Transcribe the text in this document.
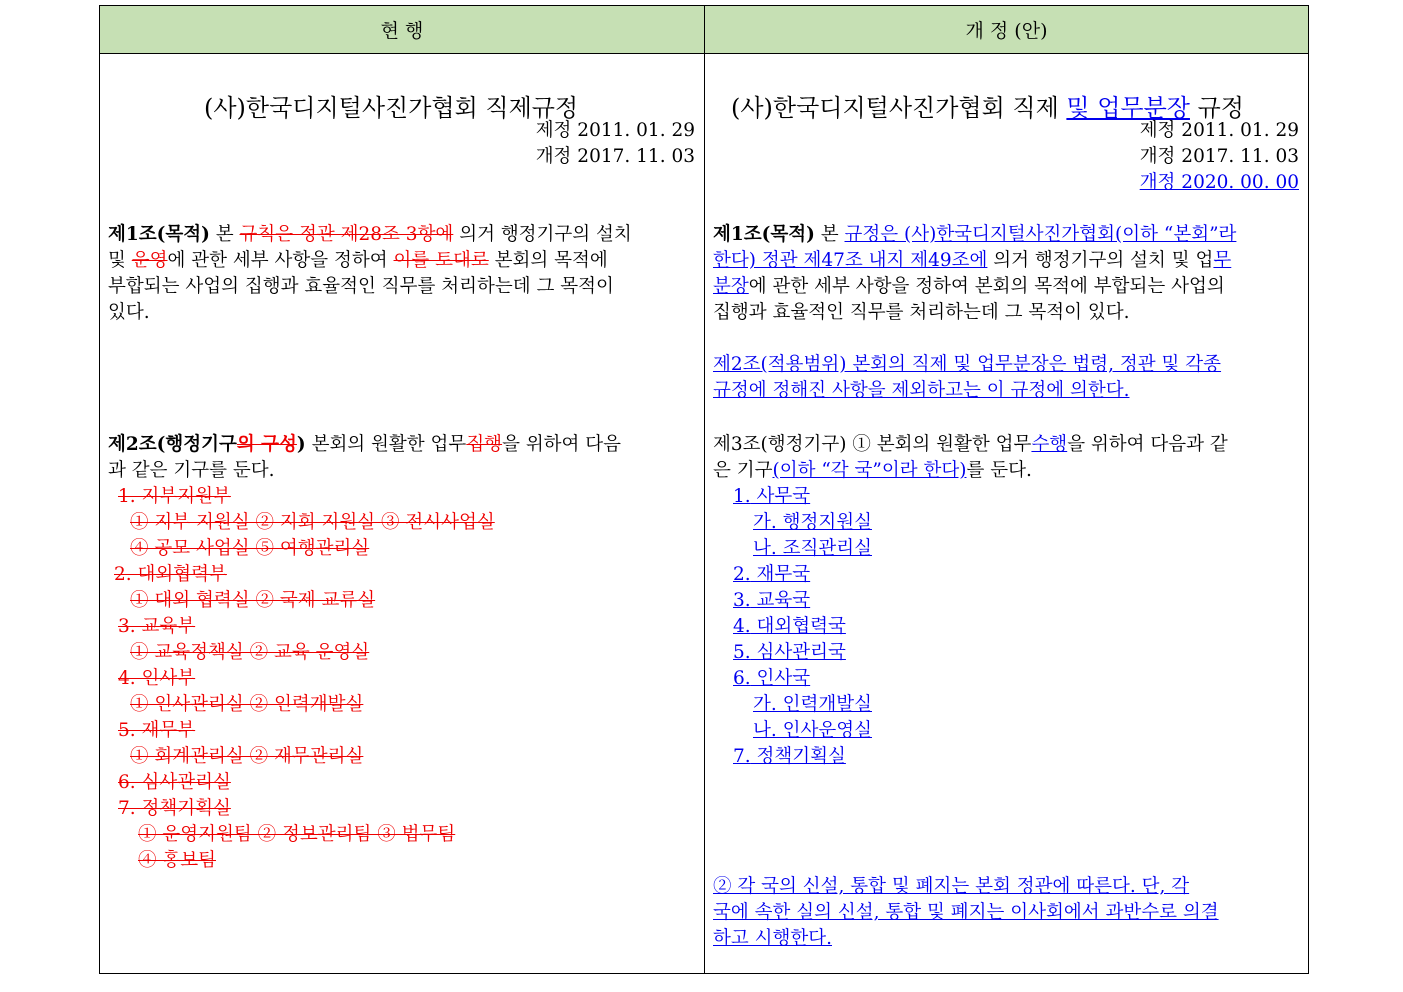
현 행	개 정 (안)
(사)한국디지털사진가협회 직제규정
제정 2011. 01. 29
개정 2017. 11. 03
제1조(목적) 본 규칙은 정관 제28조 3항에 의거 행정기구의 설치
및 운영에 관한 세부 사항을 정하여 이를 토대로 본회의 목적에
부합되는 사업의 집행과 효율적인 직무를 처리하는데 그 목적이
있다.
제2조(행정기구의 구성) 본회의 원활한 업무집행을 위하여 다음
과 같은 기구를 둔다.
1. 지부지원부
① 지부 지원실 ② 지회 지원실 ③ 전시사업실
④ 공모 사업실 ⑤ 여행관리실
2. 대외협력부
① 대외 협력실 ② 국제 교류실
3. 교육부
① 교육정책실 ② 교육 운영실
4. 인사부
① 인사관리실 ② 인력개발실
5. 재무부
① 회계관리실 ② 재무관리실
6. 심사관리실
7. 정책기획실
① 운영지원팀 ② 정보관리팀 ③ 법무팀
④ 홍보팀
(사)한국디지털사진가협회 직제 및 업무분장 규정
제정 2011. 01. 29
개정 2017. 11. 03
개정 2020. 00. 00
제1조(목적) 본 규정은 (사)한국디지털사진가협회(이하 “본회”라
한다) 정관 제47조 내지 제49조에 의거 행정기구의 설치 및 업무
분장에 관한 세부 사항을 정하여 본회의 목적에 부합되는 사업의
집행과 효율적인 직무를 처리하는데 그 목적이 있다.
제2조(적용범위) 본회의 직제 및 업무분장은 법령, 정관 및 각종
규정에 정해진 사항을 제외하고는 이 규정에 의한다.
제3조(행정기구) ① 본회의 원활한 업무수행을 위하여 다음과 같
은 기구(이하 “각 국”이라 한다)를 둔다.
1. 사무국
가. 행정지원실
나. 조직관리실
2. 재무국
3. 교육국
4. 대외협력국
5. 심사관리국
6. 인사국
가. 인력개발실
나. 인사운영실
7. 정책기획실
② 각 국의 신설, 통합 및 폐지는 본회 정관에 따른다. 단, 각
국에 속한 실의 신설, 통합 및 폐지는 이사회에서 과반수로 의결
하고 시행한다.
